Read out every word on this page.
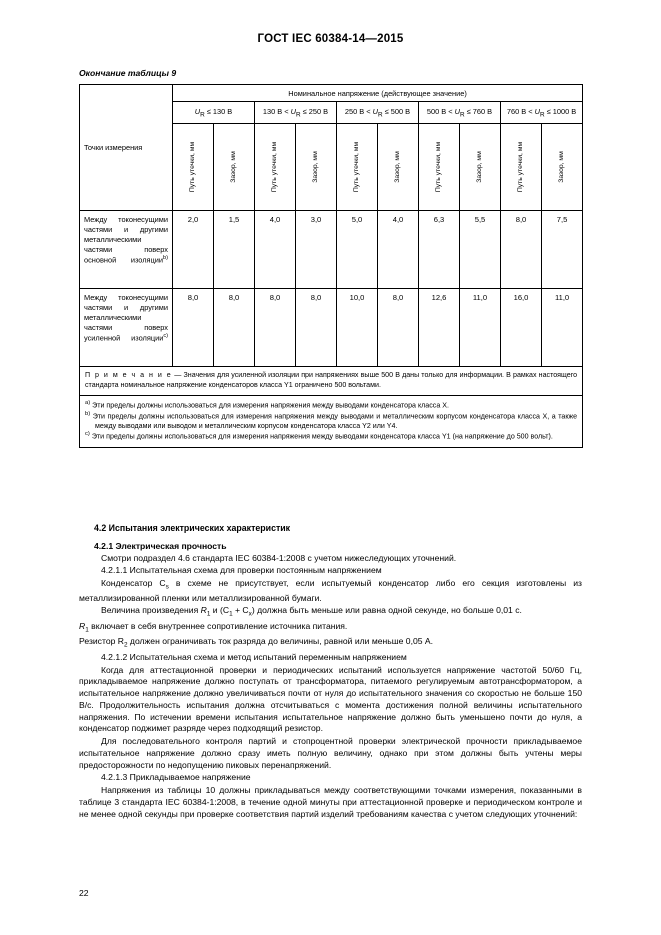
ГОСТ IEC 60384-14—2015
Окончание таблицы 9
Точки измерения	Номинальное напряжение (действующее значение)									
	$U_R \le 130$ В		130 $В < U_R \le 250$ В		250 $В < U_R \le 500$ В		500 $В < U_R \le 760$ В		760 $В < U_R \le 1000$ В	

	Путь утечки, мм	Зазор, мм	Путь утечки, мм	Зазор, мм	Путь утечки, мм	Зазор, мм	Путь утечки, мм	Зазор, мм	Путь утечки, мм	Зазор, мм

Между токонесущими частями и другими металлическими частями поверх основной изоляции$^{b)}$	2,0	1,5	4,0	3,0	5,0	4,0	6,3	5,5	8,0	7,5
Между токонесущими частями и другими металлическими частями поверх усиленной изоляции$^{c)}$	8,0	8,0	8,0	8,0	10,0	8,0	12,6	11,0	16,0	11,0

П р и м е ч а н и е — Значения для усиленной изоляции при напряжениях выше 500 В даны только для информации. В рамках настоящего стандарта номинальное напряжение конденсаторов класса Y1 ограничено 500 вольтами.										

$^{a)}$ Эти пределы должны использоваться для измерения напряжения между выводами конденсатора класса Х.

$^{b)}$ Эти пределы должны использоваться для измерения напряжения между выводами и металлическим корпусом конденсатора класса Х, а также между выводами или выводом и металлическим корпусом конденсатора класса Y2 или Y4.

$^{c)}$ Эти пределы должны использоваться для измерения напряжения между выводами конденсатора класса Y1 (на напряжение до 500 вольт).										

4.2 Испытания электрических характеристик
4.2.1 Электрическая прочность

Смотри подраздел 4.6 стандарта IEC 60384-1:2008 с учетом нижеследующих уточнений.

4.2.1.1 Испытательная схема для проверки постоянным напряжением

Конденсатор $C_s$ в схеме не присутствует, если испытуемый конденсатор либо его секция изготовлены из металлизированной пленки или металлизированной бумаги.

Величина произведения $R_1$ и $(C_1 + C_x)$ должна быть меньше или равна одной секунде, но больше 0,01 с.

$R_1$ включает в себя внутреннее сопротивление источника питания.

Резистор $R_2$ должен ограничивать ток разряда до величины, равной или меньше 0,05 А.

4.2.1.2 Испытательная схема и метод испытаний переменным напряжением

Когда для аттестационной проверки и периодических испытаний используется напряжение частотой 50/60 Гц, прикладываемое напряжение должно поступать от трансформатора, питаемого регулируемым автотрансформатором, а испытательное напряжение должно увеличиваться почти от нуля до испытательного значения со скоростью не больше 150 В/с. Продолжительность испытания должна отсчитываться с момента достижения полной величины испытательного напряжения. По истечении времени испытания испытательное напряжение должно быть уменьшено почти до нуля, а конденсатор поджимет разряде через подходящий резистор.

Для последовательного контроля партий и стопроцентной проверки электрической прочности прикладываемое испытательное напряжение должно сразу иметь полную величину, однако при этом должны быть учтены меры предосторожности по недопущению пиковых перенапряжений.

4.2.1.3 Прикладываемое напряжение

Напряжения из таблицы 10 должны прикладываться между соответствующими точками измерения, показанными в таблице 3 стандарта IEC 60384-1:2008, в течение одной минуты при аттестационной проверке и периодическом контроле и не менее одной секунды при проверке соответствия партий изделий требованиям качества с учетом следующих уточнений:

22
